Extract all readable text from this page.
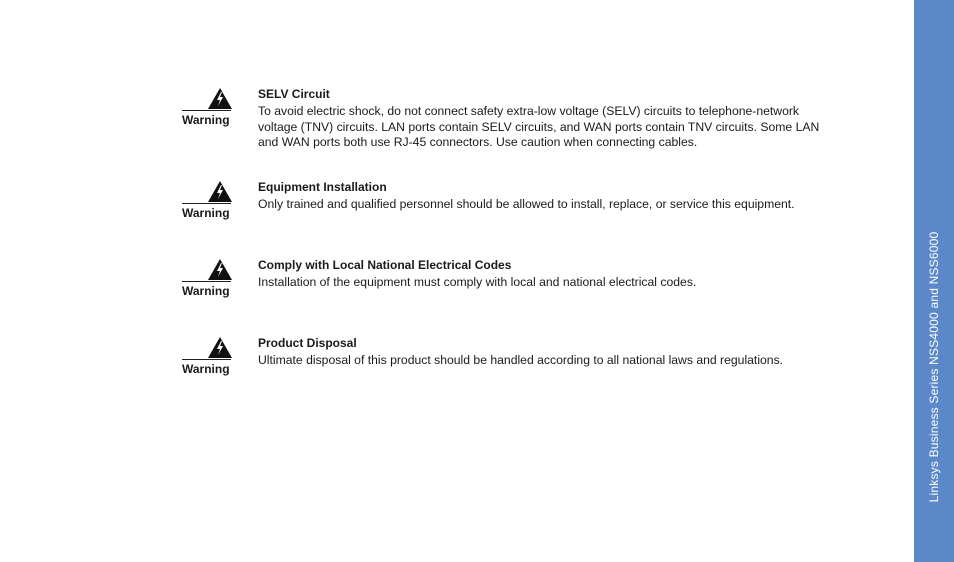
Warning
SELV Circuit

To avoid electric shock, do not connect safety extra-low voltage (SELV) circuits to telephone-network voltage (TNV) circuits. LAN ports contain SELV circuits, and WAN ports contain TNV circuits. Some LAN and WAN ports both use RJ-45 connectors. Use caution when connecting cables.

Warning
Equipment Installation

Only trained and qualified personnel should be allowed to install, replace, or service this equipment.

Warning
Comply with Local National Electrical Codes

Installation of the equipment must comply with local and national electrical codes.

Warning
Product Disposal

Ultimate disposal of this product should be handled according to all national laws and regulations.	Linksys Business Series NSS4000 and NSS6000
